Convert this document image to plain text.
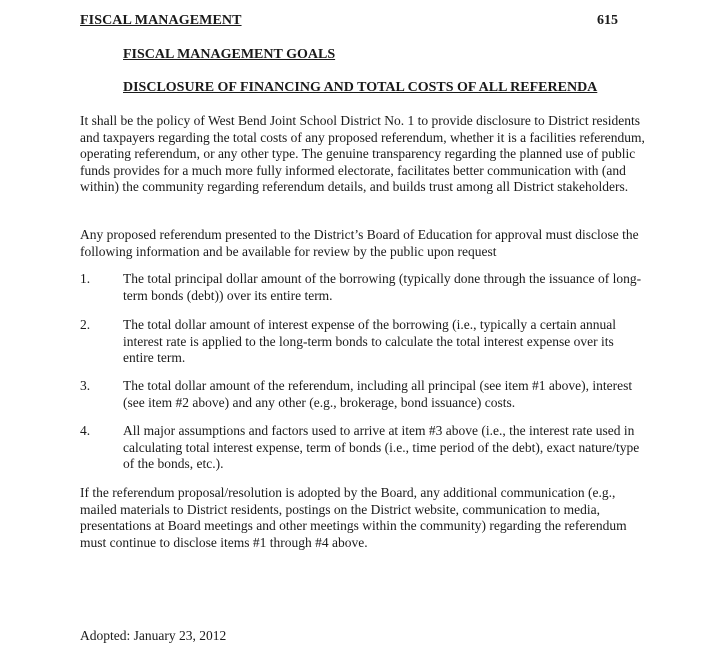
FISCAL MANAGEMENT	615
FISCAL MANAGEMENT GOALS
DISCLOSURE OF FINANCING AND TOTAL COSTS OF ALL REFERENDA

It shall be the policy of West Bend Joint School District No. 1 to provide disclosure to District residents and taxpayers regarding the total costs of any proposed referendum, whether it is a facilities referendum, operating referendum, or any other type. The genuine transparency regarding the planned use of public funds provides for a much more fully informed electorate, facilitates better communication with (and within) the community regarding referendum details, and builds trust among all District stakeholders.

Any proposed referendum presented to the District’s Board of Education for approval must disclose the following information and be available for review by the public upon request

1. The total principal dollar amount of the borrowing (typically done through the issuance of long-term bonds (debt)) over its entire term.
2. The total dollar amount of interest expense of the borrowing (i.e., typically a certain annual interest rate is applied to the long-term bonds to calculate the total interest expense over its entire term.
3. The total dollar amount of the referendum, including all principal (see item #1 above), interest (see item #2 above) and any other (e.g., brokerage, bond issuance) costs.
4. All major assumptions and factors used to arrive at item #3 above (i.e., the interest rate used in calculating total interest expense, term of bonds (i.e., time period of the debt), exact nature/type of the bonds, etc.).

If the referendum proposal/resolution is adopted by the Board, any additional communication (e.g., mailed materials to District residents, postings on the District website, communication to media, presentations at Board meetings and other meetings within the community) regarding the referendum must continue to disclose items #1 through #4 above.

Adopted: January 23, 2012
